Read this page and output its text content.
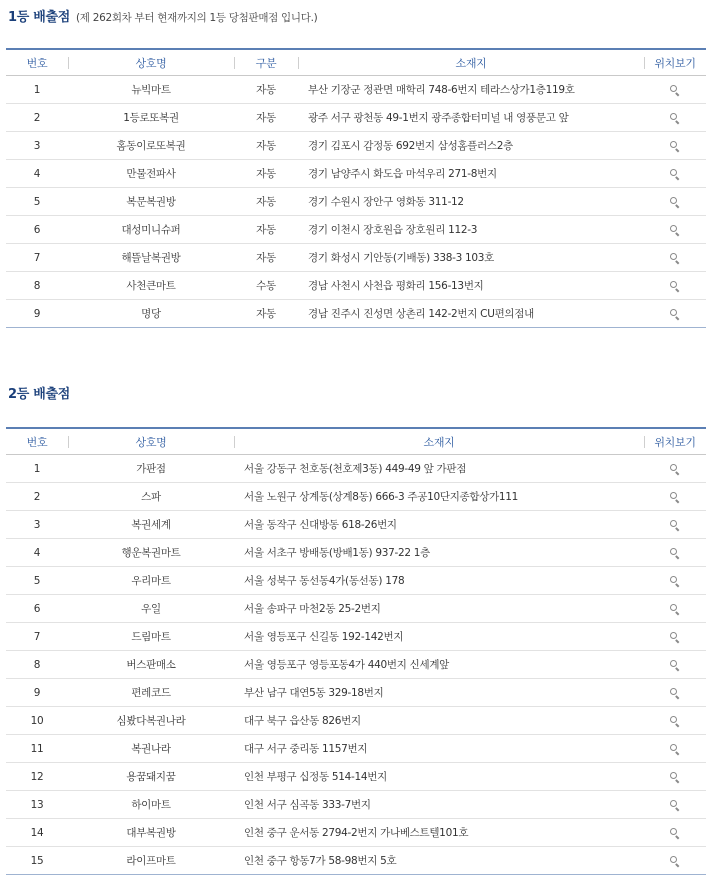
1등 배출점 (제 262회차 부터 현재까지의 1등 당첨판매점 입니다.)
번호	상호명	구분	소재지	위치보기
1	뉴빅마트	자동	부산 기장군 정관면 매학리 748-6번지 테라스상가1층119호	
2	1등로또복권	자동	광주 서구 광천동 49-1번지 광주종합터미널 내 영풍문고 앞	
3	홈동이로또복권	자동	경기 김포시 감정동 692번지 삼성홈플러스2층	
4	만물전파사	자동	경기 남양주시 화도읍 마석우리 271-8번지	
5	복문복권방	자동	경기 수원시 장안구 영화동 311-12	
6	대성미니슈퍼	자동	경기 이천시 장호원읍 장호원리 112-3	
7	해뜰날복권방	자동	경기 화성시 기안동(기배동) 338-3 103호	
8	사천큰마트	수동	경남 사천시 사천읍 평화리 156-13번지	
9	명당	자동	경남 진주시 진성면 상촌리 142-2번지 CU편의점내	
2등 배출점
번호	상호명	소재지	위치보기
1	가판점	서울 강동구 천호동(천호제3동) 449-49 앞 가판점	
2	스파	서울 노원구 상계동(상계8동) 666-3 주공10단지종합상가111	
3	복권세계	서울 동작구 신대방동 618-26번지	
4	행운복권마트	서울 서초구 방배동(방배1동) 937-22 1층	
5	우리마트	서울 성북구 동선동4가(동선동) 178	
6	우일	서울 송파구 마천2동 25-2번지	
7	드림마트	서울 영등포구 신길동 192-142번지	
8	버스판매소	서울 영등포구 영등포동4가 440번지 신세계앞	
9	편레코드	부산 남구 대연5동 329-18번지	
10	심봤다복권나라	대구 북구 읍산동 826번지	
11	복권나라	대구 서구 중리동 1157번지	
12	용꿈돼지꿈	인천 부평구 십정동 514-14번지	
13	하이마트	인천 서구 심곡동 333-7번지	
14	대부복권방	인천 중구 운서동 2794-2번지 가나베스트텔101호	
15	라이프마트	인천 중구 항동7가 58-98번지 5호	
